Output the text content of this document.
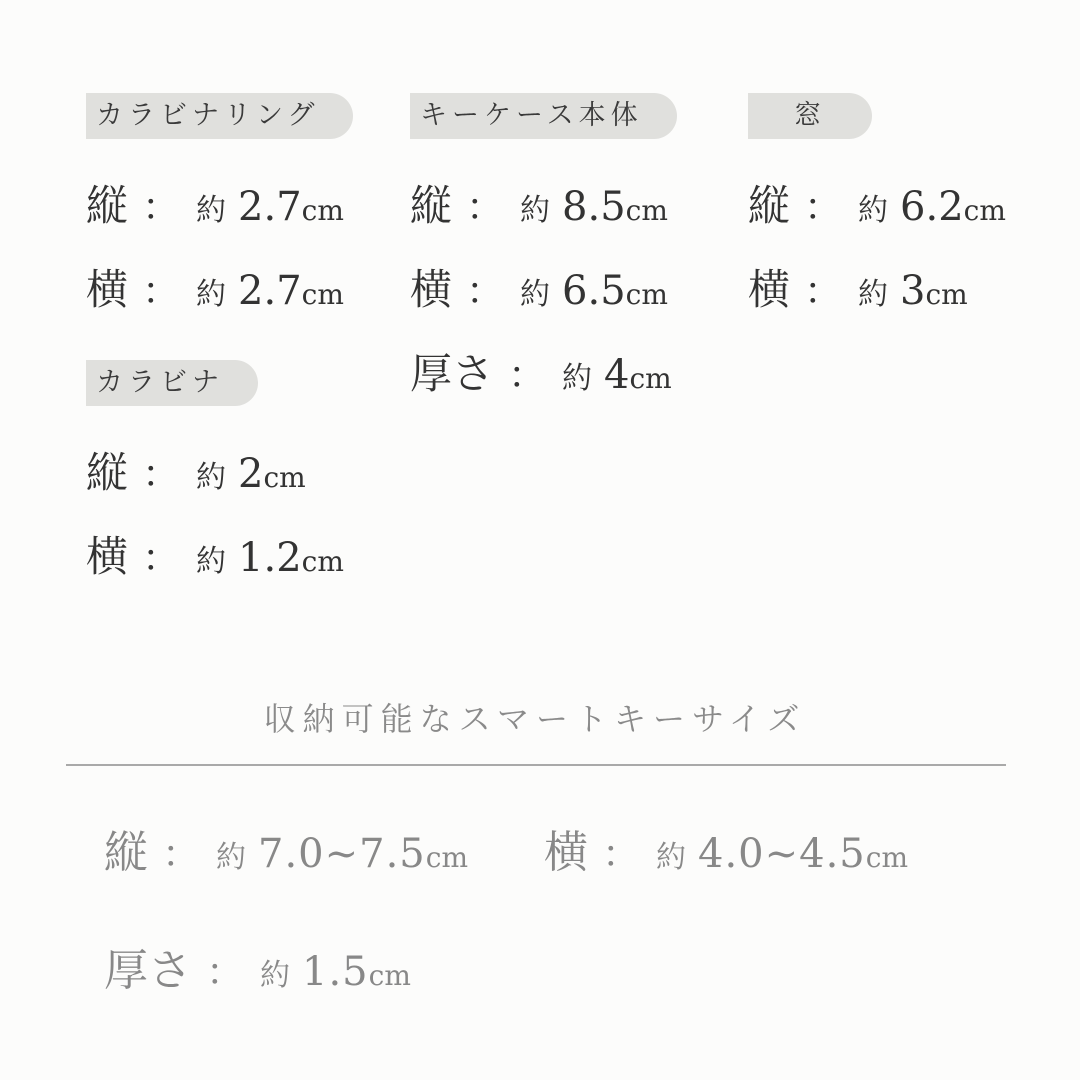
カラビナリング
縦 ： 約 2.7 cm
横 ： 約 2.7 cm
カラビナ
縦 ： 約 2 cm
横 ： 約 1.2 cm
キーケース本体
縦 ： 約 8.5 cm
横 ： 約 6.5 cm
厚さ ： 約 4 cm
窓
縦 ： 約 6.2 cm
横 ： 約 3 cm
収納可能なスマートキーサイズ
縦 ： 約 7.0~7.5 cm 横 ： 約 4.0~4.5 cm
厚さ ： 約 1.5 cm
